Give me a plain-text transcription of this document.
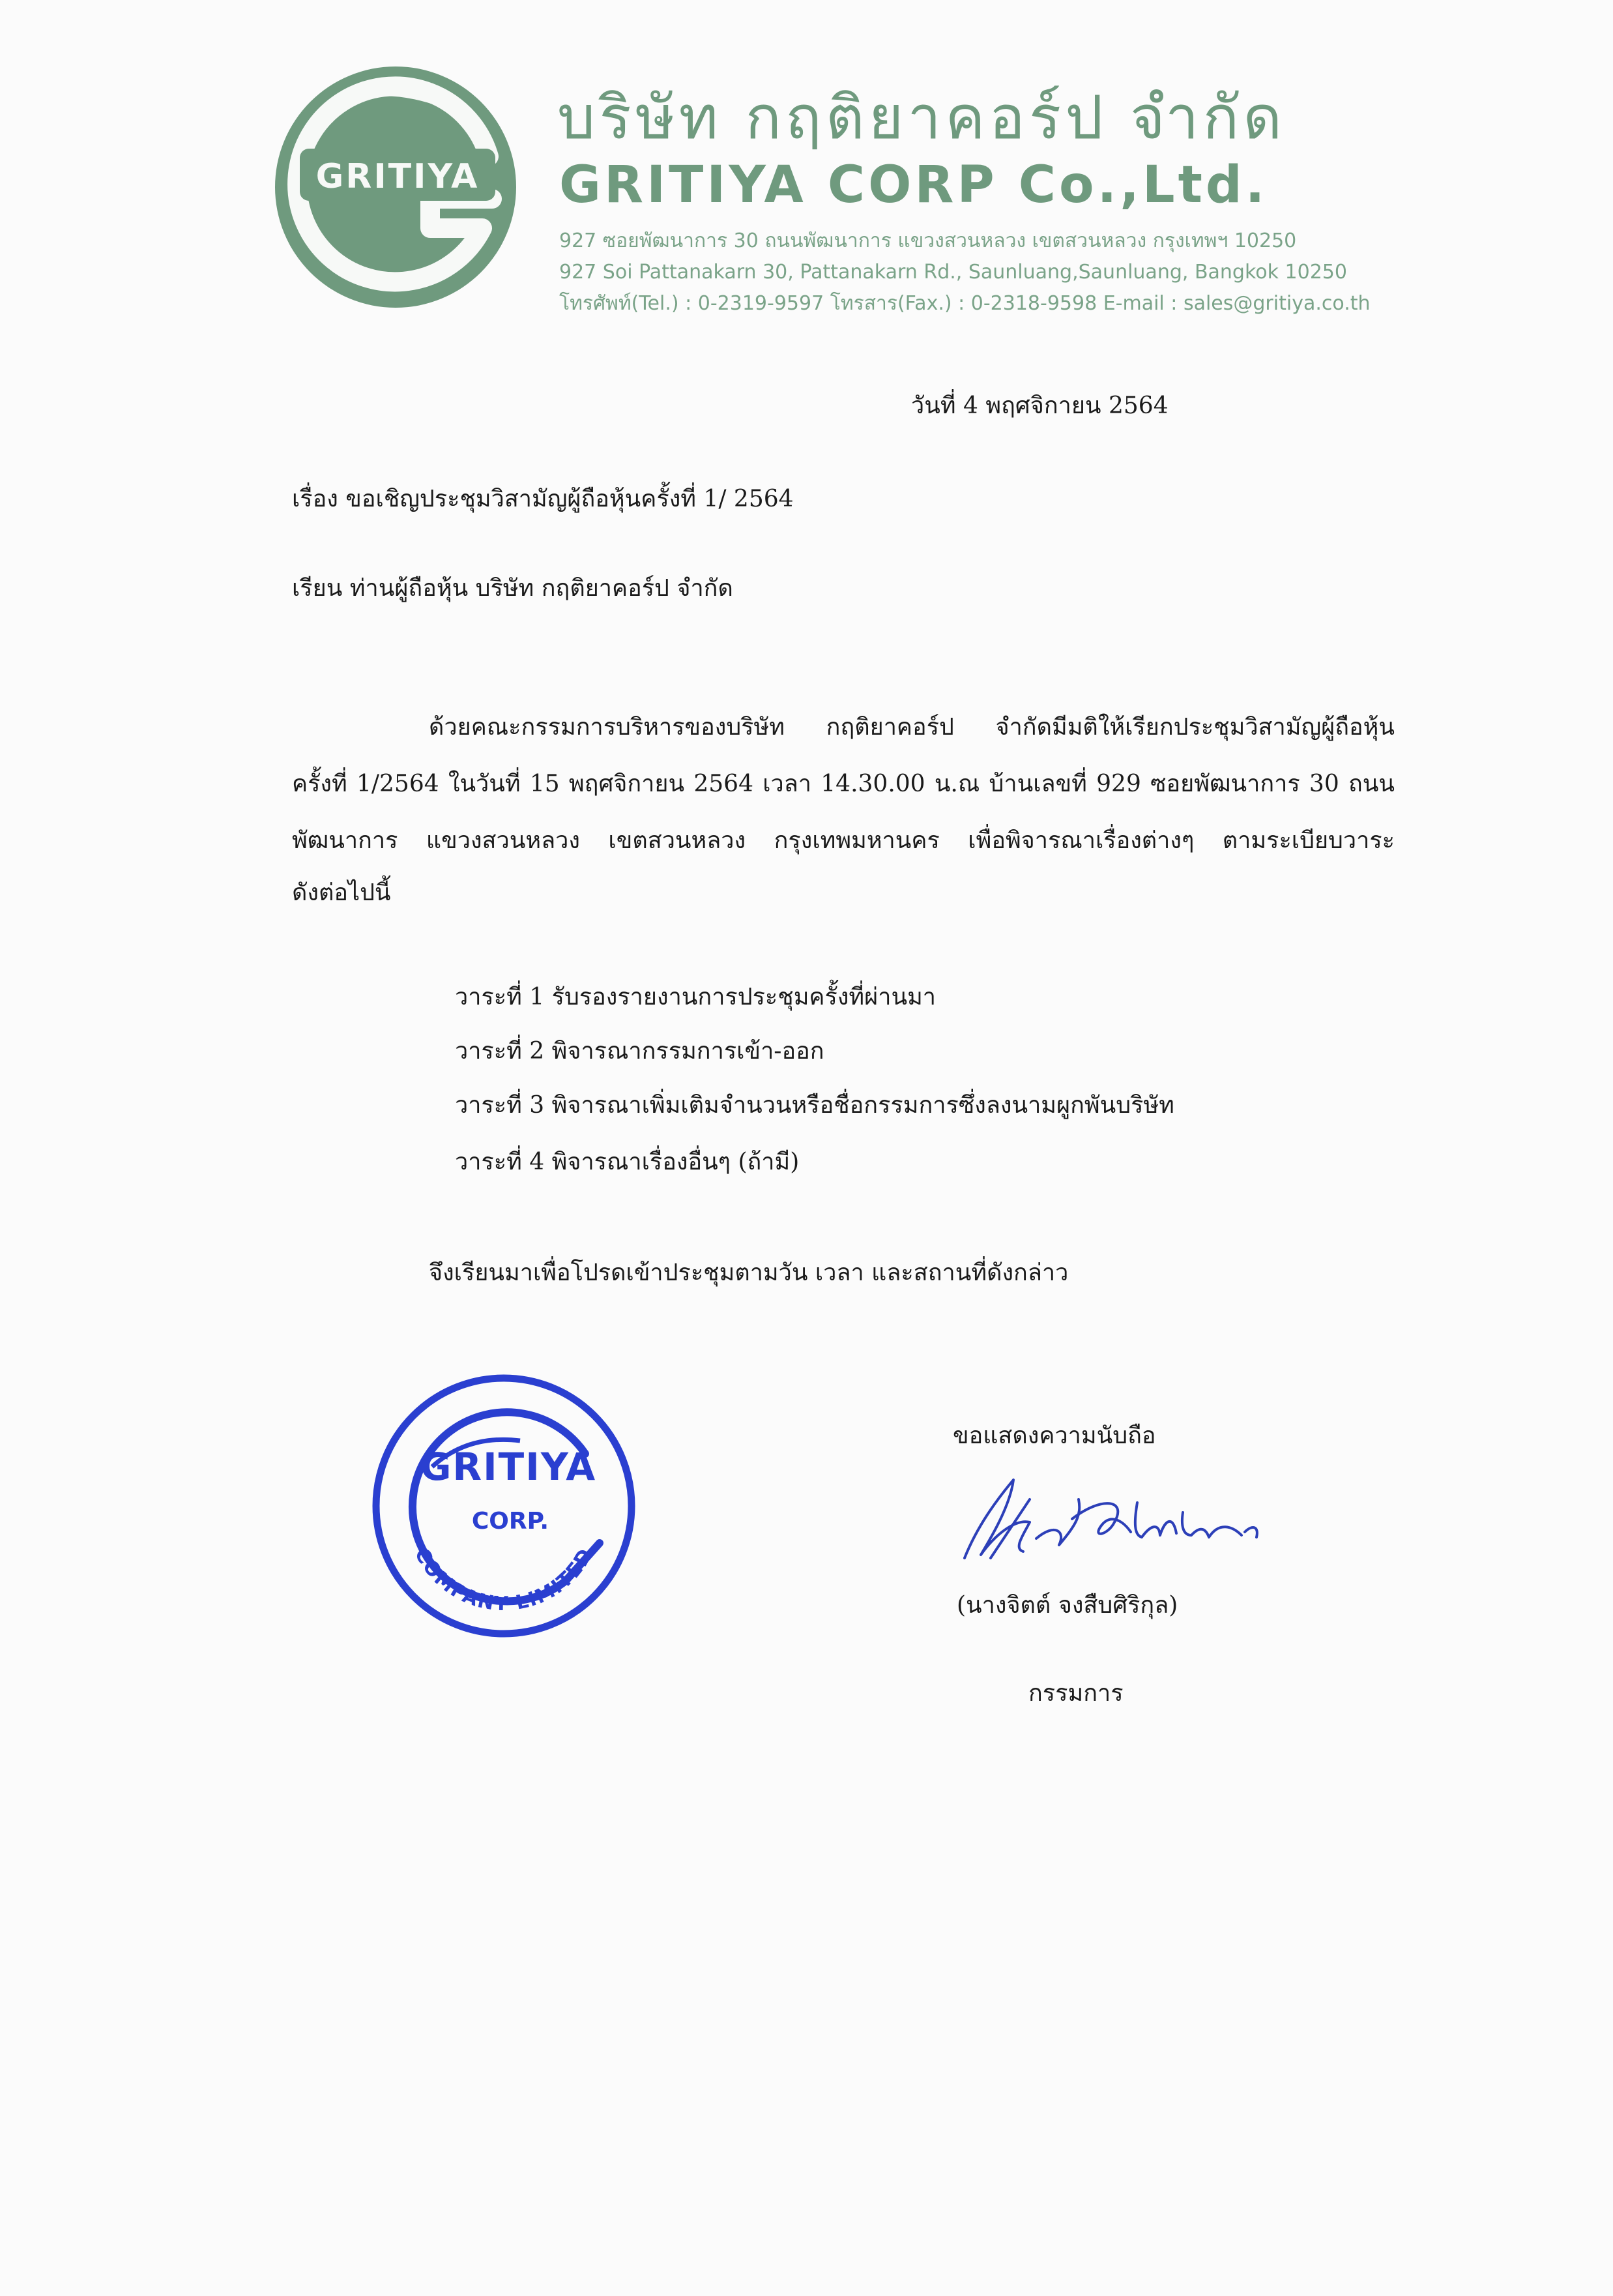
GRITIYA
บริษัท กฤติยาคอร์ป จำกัด
GRITIYA CORP Co.,Ltd.
927 ซอยพัฒนาการ 30 ถนนพัฒนาการ แขวงสวนหลวง เขตสวนหลวง กรุงเทพฯ 10250
927 Soi Pattanakarn 30, Pattanakarn Rd., Saunluang,Saunluang, Bangkok 10250
โทรศัพท์(Tel.) : 0-2319-9597 โทรสาร(Fax.) : 0-2318-9598 E-mail : sales@gritiya.co.th
วันที่ 4 พฤศจิกายน 2564
เรื่อง ขอเชิญประชุมวิสามัญผู้ถือหุ้นครั้งที่ 1/ 2564
เรียน ท่านผู้ถือหุ้น บริษัท กฤติยาคอร์ป จำกัด
ด้วยคณะกรรมการบริหารของบริษัท กฤติยาคอร์ป จำกัดมีมติให้เรียกประชุมวิสามัญผู้ถือหุ้น
ครั้งที่ 1/2564 ในวันที่ 15 พฤศจิกายน 2564 เวลา 14.30.00 น.ณ บ้านเลขที่ 929 ซอยพัฒนาการ 30 ถนน
พัฒนาการ แขวงสวนหลวง เขตสวนหลวง กรุงเทพมหานคร เพื่อพิจารณาเรื่องต่างๆ ตามระเบียบวาระ
ดังต่อไปนี้
วาระที่ 1 รับรองรายงานการประชุมครั้งที่ผ่านมา
วาระที่ 2 พิจารณากรรมการเข้า-ออก
วาระที่ 3 พิจารณาเพิ่มเติมจำนวนหรือชื่อกรรมการซึ่งลงนามผูกพันบริษัท
วาระที่ 4 พิจารณาเรื่องอื่นๆ (ถ้ามี)
จึงเรียนมาเพื่อโปรดเข้าประชุมตามวัน เวลา และสถานที่ดังกล่าว
GRITIYA
CORP.
COMPANY LIMITED
ขอแสดงความนับถือ
(นางจิตต์ จงสืบศิริกุล)
กรรมการ
